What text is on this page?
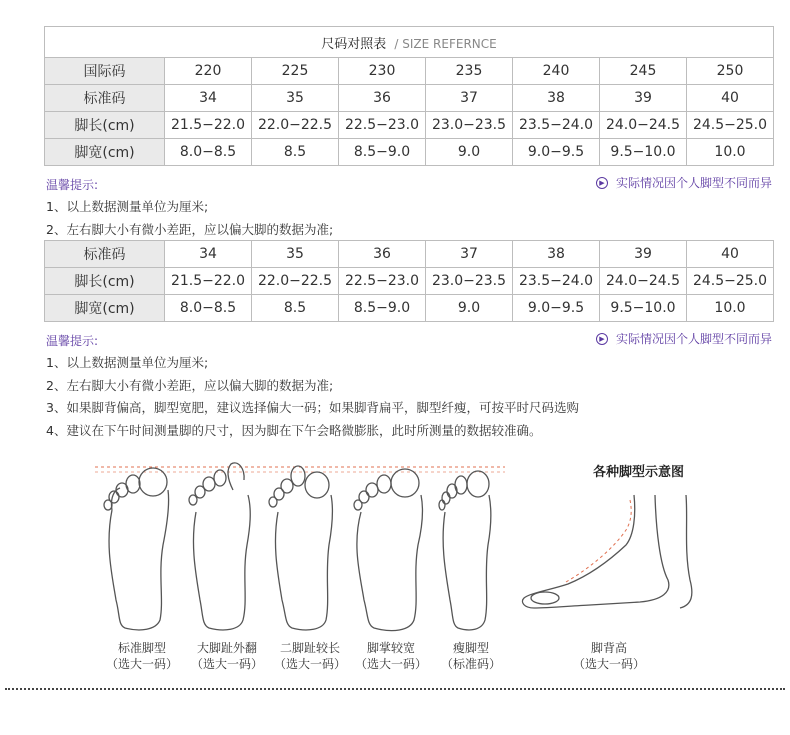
尺码对照表 / SIZE REFERNCE							
国际码	220	225	230	235	240	245	250
标准码	34	35	36	37	38	39	40
脚长(cm)	21.5−22.0	22.0−22.5	22.5−23.0	23.0−23.5	23.5−24.0	24.0−24.5	24.5−25.0
脚宽(cm)	8.0−8.5	8.5	8.5−9.0	9.0	9.0−9.5	9.5−10.0	10.0
温馨提示:	▶ 实际情况因个人脚型不同而异
1、以上数据测量单位为厘米;
2、左右脚大小有微小差距，应以偏大脚的数据为准;
标准码	34	35	36	37	38	39	40
脚长(cm)	21.5−22.0	22.0−22.5	22.5−23.0	23.0−23.5	23.5−24.0	24.0−24.5	24.5−25.0
脚宽(cm)	8.0−8.5	8.5	8.5−9.0	9.0	9.0−9.5	9.5−10.0	10.0
温馨提示:	▶ 实际情况因个人脚型不同而异
1、以上数据测量单位为厘米;
2、左右脚大小有微小差距，应以偏大脚的数据为准;
3、如果脚背偏高，脚型宽肥，建议选择偏大一码；如果脚背扁平，脚型纤瘦，可按平时尺码选购
4、建议在下午时间测量脚的尺寸，因为脚在下午会略微膨胀，此时所测量的数据较准确。
各种脚型示意图
标准脚型
（选大一码）
大脚趾外翻
（选大一码）
二脚趾较长
（选大一码）
脚掌较宽
（选大一码）
瘦脚型
（标准码）
脚背高
（选大一码）
